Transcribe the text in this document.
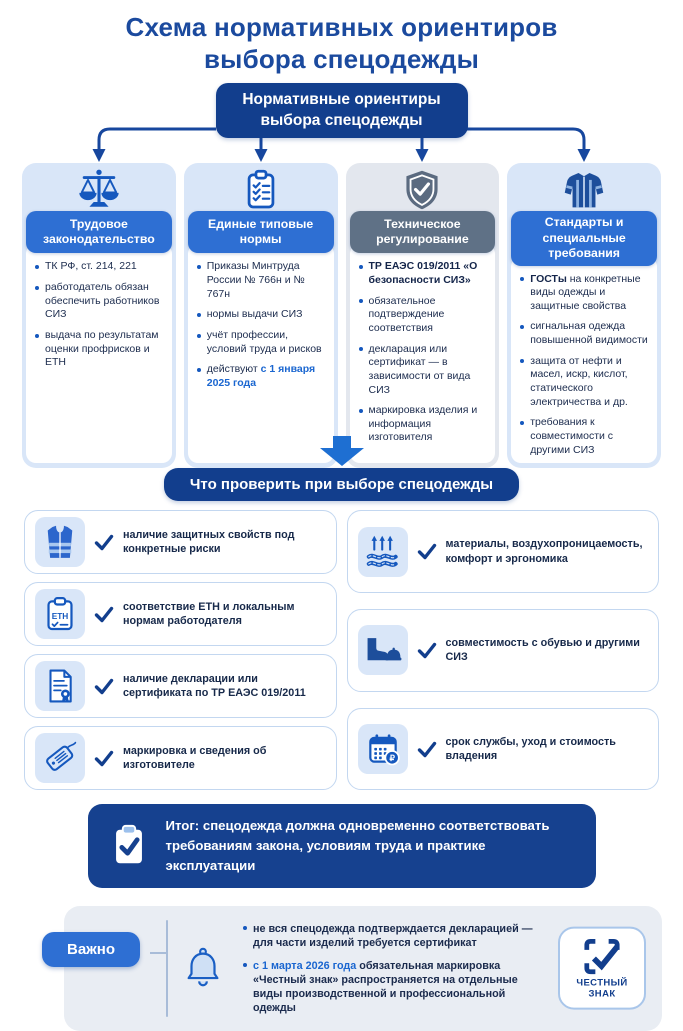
Схема нормативных ориентиров
выбора спецодежды
Нормативные ориентиры
выбора спецодежды
Трудовое законодательство
ТК РФ, ст. 214, 221
работодатель обязан обеспечить работников СИЗ
выдача по результатам оценки профрисков и ЕТН
Единые типовые нормы
Приказы Минтруда России № 766н и № 767н
нормы выдачи СИЗ
учёт профессии, условий труда и рисков
действуют с 1 января 2025 года
Техническое регулирование
ТР ЕАЭС 019/2011 «О безопасности СИЗ»
обязательное подтверждение соответствия
декларация или сертификат — в зависимости от вида СИЗ
маркировка изделия и информация изготовителя
Стандарты и специальные требования
ГОСТы на конкретные виды одежды и защитные свойства
сигнальная одежда повышенной видимости
защита от нефти и масел, искр, кислот, статического электричества и др.
требования к совместимости с другими СИЗ
Что проверить при выборе спецодежды
наличие защитных свойств под конкретные риски
ЕТН
соответствие ЕТН и локальным нормам работодателя
наличие декларации или сертификата по ТР ЕАЭС 019/2011
маркировка и сведения об изготовителе
материалы, воздухопроницаемость, комфорт и эргономика
совместимость с обувью и другими СИЗ
₽
срок службы, уход и стоимость владения
Итог: спецодежда должна одновременно соответствовать требованиям закона, условиям труда и практике эксплуатации
Важно
не вся спецодежда подтверждается декларацией — для части изделий требуется сертификат
с 1 марта 2026 года обязательная маркировка «Честный знак» распространяется на отдельные виды производственной и профессиональной одежды
ЧЕСТНЫЙ
ЗНАК
